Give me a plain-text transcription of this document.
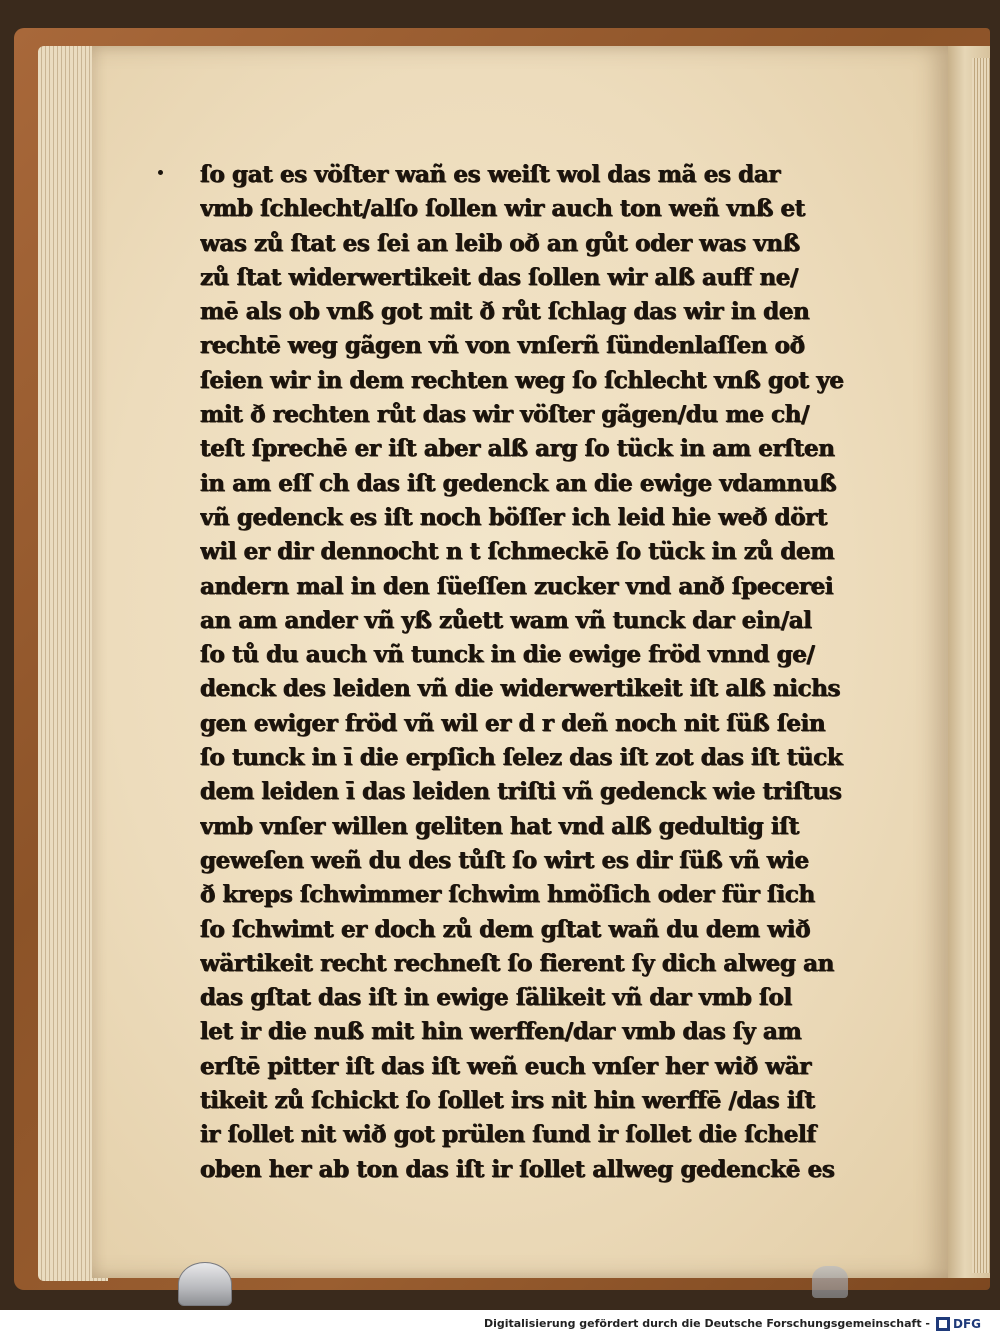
ſo gat es vöſter wañ es weiſt wol das mã es dar
vmb ſchlecht/alſo ſollen wir auch ton weñ vnß et
was zů ſtat es ſei an leib oð an gůt oder was vnß
zů ſtat widerwertikeit das ſollen wir alß auff ne/
mē als ob vnß got mit ð růt ſchlag das wir in den
rechtē weg gãgen vñ von vnſerñ ſündenlaſſen oð
ſeien wir in dem rechten weg ſo ſchlecht vnß got ye
mit ð rechten růt das wir vöſter gãgen/du me ch/
teſt ſprechē er iſt aber alß arg ſo tück in am erſten
in am eſſ ch das iſt gedenck an die ewige vdamnuß
vñ gedenck es iſt noch böſſer ich leid hie weð dört
wil er dir dennocht n t ſchmeckē ſo tück in zů dem
andern mal in den ſüeſſen zucker vnd anð ſpecerei
an am ander vñ yß zůett wam vñ tunck dar ein/al
ſo tů du auch vñ tunck in die ewige fröd vnnd ge/
denck des leiden vñ die widerwertikeit iſt alß nichs
gen ewiger fröd vñ wil er d r deñ noch nit ſüß ſein
ſo tunck in ī die erpſich ſelez das iſt zot das iſt tück
dem leiden ī das leiden triſti vñ gedenck wie triſtus
vmb vnſer willen geliten hat vnd alß gedultig iſt
geweſen weñ du des tůſt ſo wirt es dir ſüß vñ wie
ð kreps ſchwimmer ſchwim hmöſich oder für ſich
ſo ſchwimt er doch zů dem gſtat wañ du dem wið
wärtikeit recht rechneſt ſo fierent ſy dich alweg an
das gſtat das iſt in ewige ſälikeit vñ dar vmb ſol
let ir die nuß mit hin werffen/dar vmb das ſy am
erſtē pitter iſt das iſt weñ euch vnſer her wið wär
tikeit zů ſchickt ſo ſollet irs nit hin werffē /das iſt
ir ſollet nit wið got prülen ſund ir ſollet die ſchelf
oben her ab ton das iſt ir ſollet allweg gedenckē es
Digitalisierung gefördert durch die Deutsche Forschungsgemeinschaft - DFG
